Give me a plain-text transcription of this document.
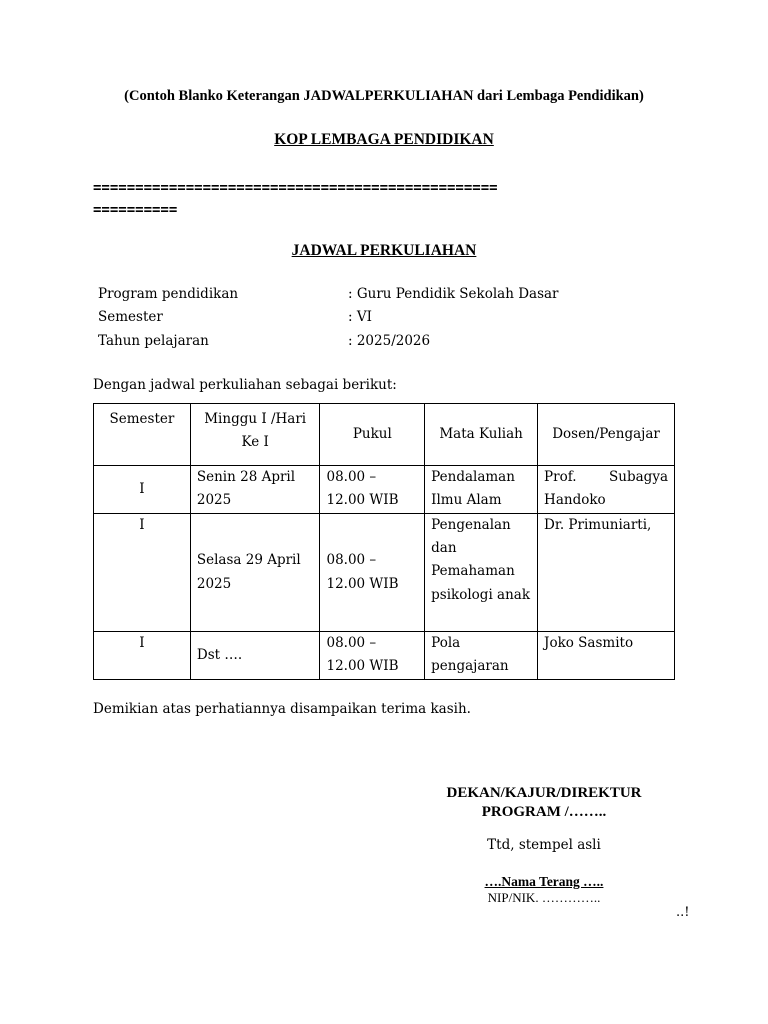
(Contoh Blanko Keterangan JADWALPERKULIAHAN dari Lembaga Pendidikan)
KOP LEMBAGA PENDIDIKAN
================================================
==========
JADWAL PERKULIAHAN
Program pendidikan	: Guru Pendidik Sekolah Dasar
Semester	: VI
Tahun pelajaran	: 2025/2026
Dengan jadwal perkuliahan sebagai berikut:
Semester	Minggu I /Hari Ke I	Pukul	Mata Kuliah	Dosen/Pengajar
I	Senin 28 April 2025	08.00 – 12.00 WIB	Pendalaman Ilmu Alam	Prof. Subagya
Handoko

I	Selasa 29 April 2025	08.00 – 12.00 WIB	Pengenalan dan Pemahaman psikologi anak	Dr. Primuniarti,
I	Dst ….	08.00 – 12.00 WIB	Pola pengajaran	Joko Sasmito
Demikian atas perhatiannya disampaikan terima kasih.
DEKAN/KAJUR/DIREKTUR
PROGRAM /……..
Ttd, stempel asli
….Nama Terang …..
NIP/NIK. …………..
..!
